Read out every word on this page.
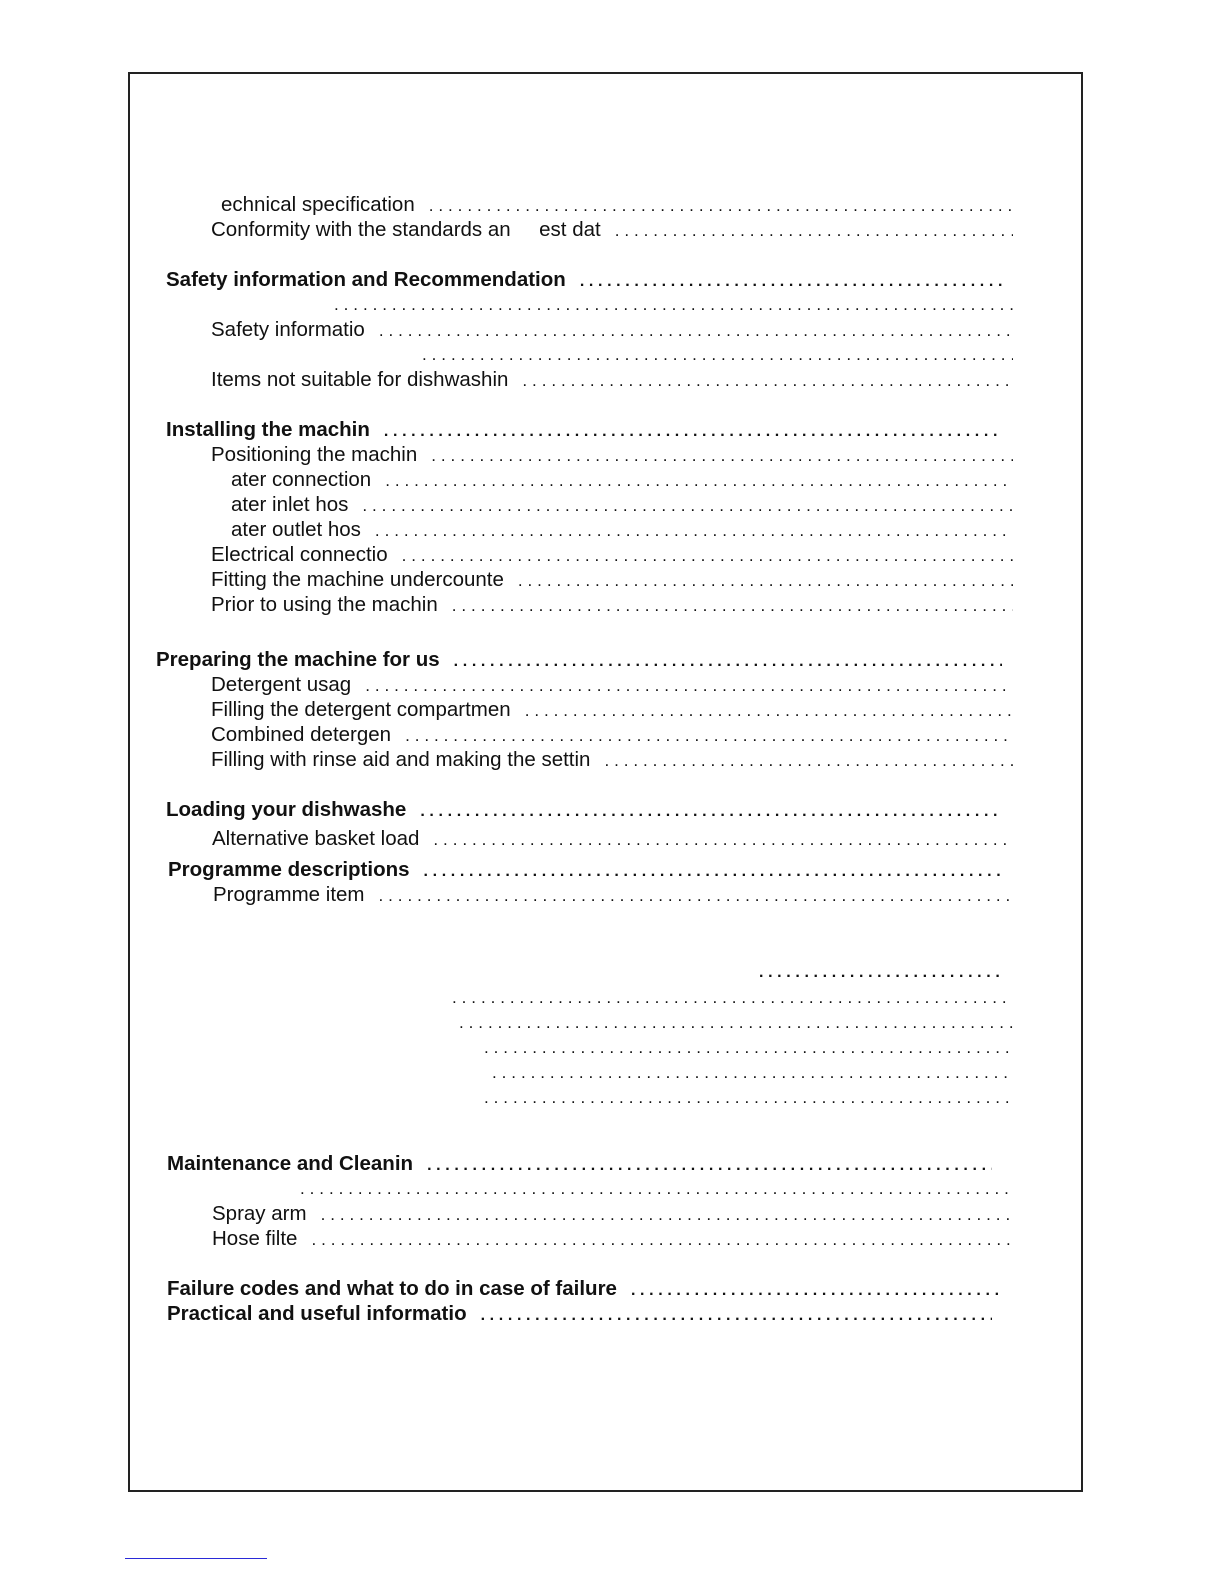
echnical specification
. . .
Conformity with the standards an     est dat
. . .
Safety information and Recommendation
. . .
. . .
Safety informatio
. . .
. . .
Items not suitable for dishwashin
. . .
Installing the machin
. . .
Positioning the machin
. . .
ater connection
. . .
ater inlet hos
. . .
ater outlet hos
. . .
Electrical connectio
. . .
Fitting the machine undercounte
. . .
Prior to using the machin
. . .
Preparing the machine for us
. . .
Detergent usag
. . .
Filling the detergent compartmen
. . .
Combined detergen
. . .
Filling with rinse aid and making the settin
. . .
Loading your dishwashe
. . .
Alternative basket load
. . .
Programme descriptions
. . .
Programme item
. . .
. . .
. . .
. . .
. . .
. . .
. . .
Maintenance and Cleanin
. . .
. . .
Spray arm
. . .
Hose filte
. . .
Failure codes and what to do in case of failure
. . .
Practical and useful informatio
. . .
